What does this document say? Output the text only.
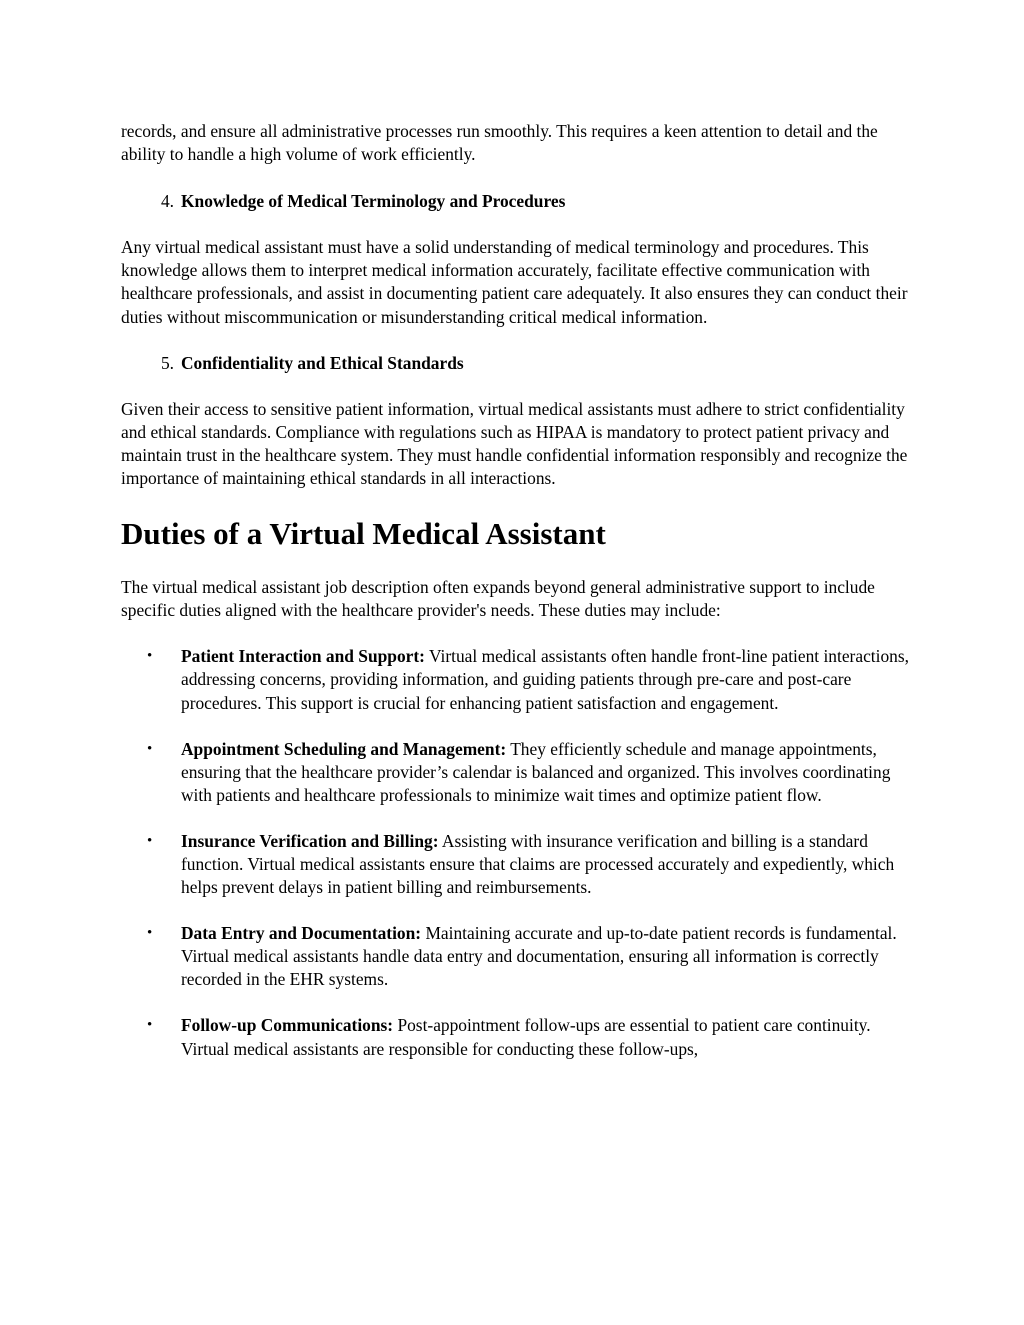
records, and ensure all administrative processes run smoothly. This requires a keen attention to detail and the ability to handle a high volume of work efficiently.

4. Knowledge of Medical Terminology and Procedures

Any virtual medical assistant must have a solid understanding of medical terminology and procedures. This knowledge allows them to interpret medical information accurately, facilitate effective communication with healthcare professionals, and assist in documenting patient care adequately. It also ensures they can conduct their duties without miscommunication or misunderstanding critical medical information.

5. Confidentiality and Ethical Standards

Given their access to sensitive patient information, virtual medical assistants must adhere to strict confidentiality and ethical standards. Compliance with regulations such as HIPAA is mandatory to protect patient privacy and maintain trust in the healthcare system. They must handle confidential information responsibly and recognize the importance of maintaining ethical standards in all interactions.

Duties of a Virtual Medical Assistant

The virtual medical assistant job description often expands beyond general administrative support to include specific duties aligned with the healthcare provider's needs. These duties may include:

• Patient Interaction and Support: Virtual medical assistants often handle front-line patient interactions, addressing concerns, providing information, and guiding patients through pre-care and post-care procedures. This support is crucial for enhancing patient satisfaction and engagement.
• Appointment Scheduling and Management: They efficiently schedule and manage appointments, ensuring that the healthcare provider’s calendar is balanced and organized. This involves coordinating with patients and healthcare professionals to minimize wait times and optimize patient flow.
• Insurance Verification and Billing: Assisting with insurance verification and billing is a standard function. Virtual medical assistants ensure that claims are processed accurately and expediently, which helps prevent delays in patient billing and reimbursements.
• Data Entry and Documentation: Maintaining accurate and up-to-date patient records is fundamental. Virtual medical assistants handle data entry and documentation, ensuring all information is correctly recorded in the EHR systems.
• Follow-up Communications: Post-appointment follow-ups are essential to patient care continuity. Virtual medical assistants are responsible for conducting these follow-ups,
